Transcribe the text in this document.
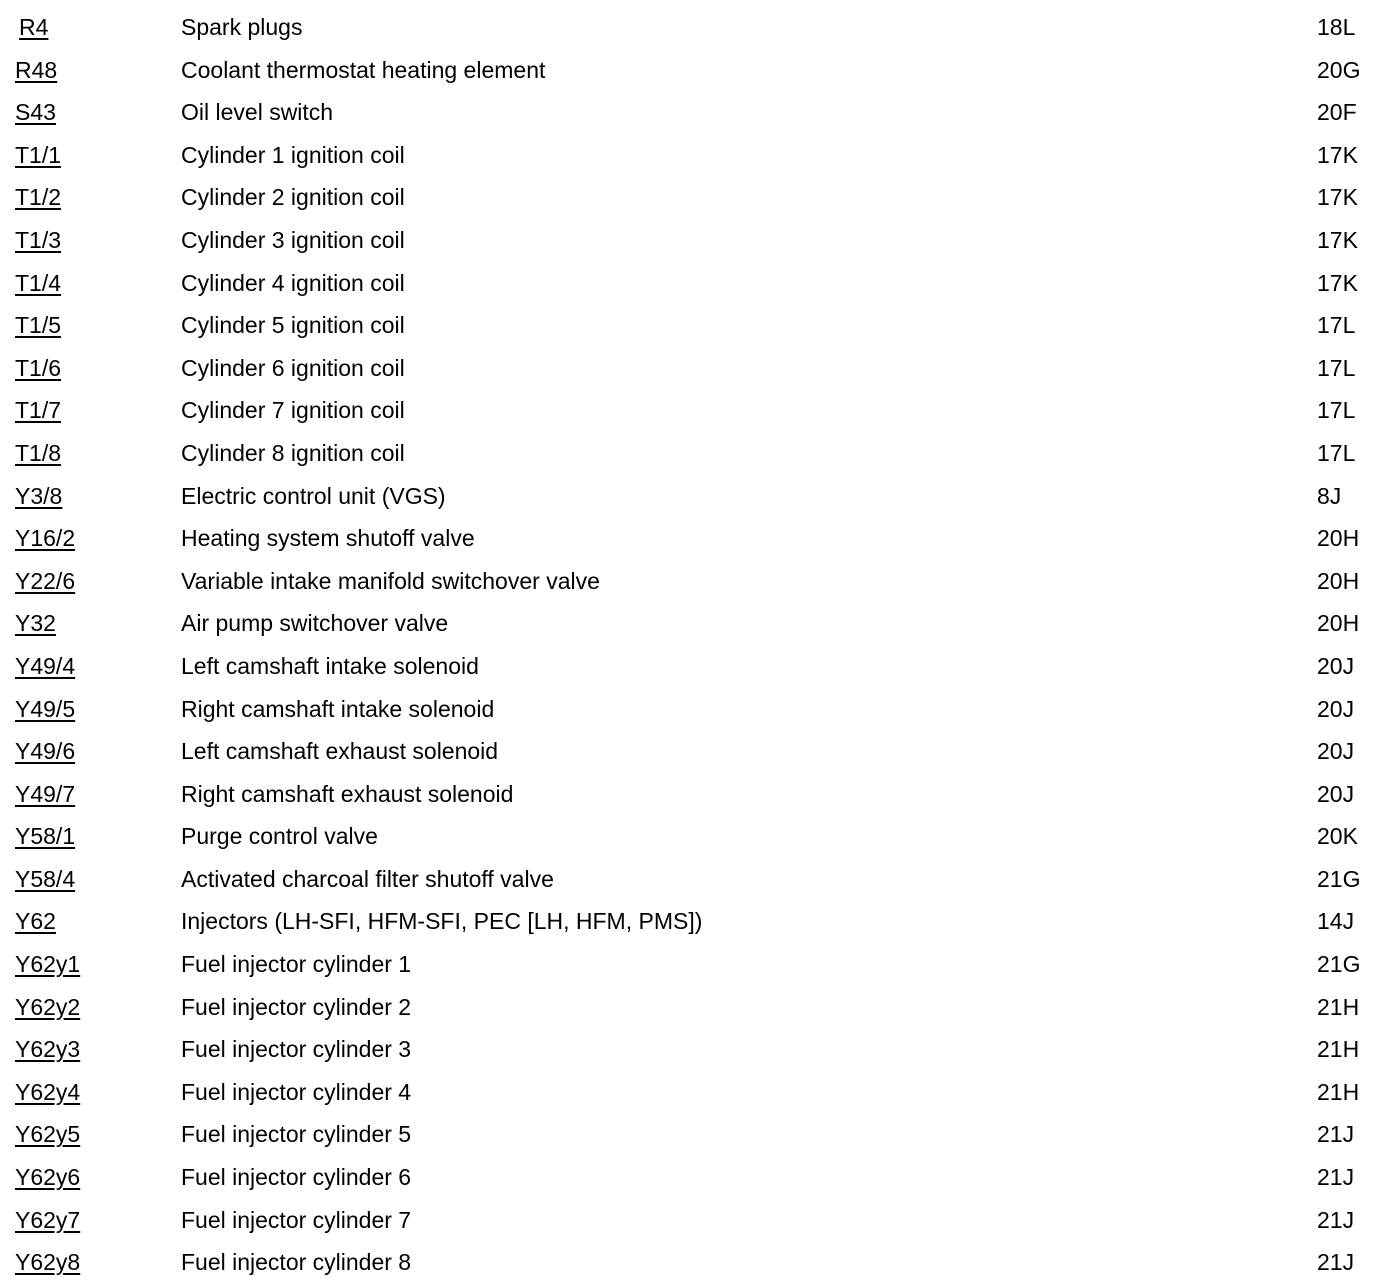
R4	Spark plugs	18L
R48	Coolant thermostat heating element	20G
S43	Oil level switch	20F
T1/1	Cylinder 1 ignition coil	17K
T1/2	Cylinder 2 ignition coil	17K
T1/3	Cylinder 3 ignition coil	17K
T1/4	Cylinder 4 ignition coil	17K
T1/5	Cylinder 5 ignition coil	17L
T1/6	Cylinder 6 ignition coil	17L
T1/7	Cylinder 7 ignition coil	17L
T1/8	Cylinder 8 ignition coil	17L
Y3/8	Electric control unit (VGS)	8J
Y16/2	Heating system shutoff valve	20H
Y22/6	Variable intake manifold switchover valve	20H
Y32	Air pump switchover valve	20H
Y49/4	Left camshaft intake solenoid	20J
Y49/5	Right camshaft intake solenoid	20J
Y49/6	Left camshaft exhaust solenoid	20J
Y49/7	Right camshaft exhaust solenoid	20J
Y58/1	Purge control valve	20K
Y58/4	Activated charcoal filter shutoff valve	21G
Y62	Injectors (LH-SFI, HFM-SFI, PEC [LH, HFM, PMS])	14J
Y62y1	Fuel injector cylinder 1	21G
Y62y2	Fuel injector cylinder 2	21H
Y62y3	Fuel injector cylinder 3	21H
Y62y4	Fuel injector cylinder 4	21H
Y62y5	Fuel injector cylinder 5	21J
Y62y6	Fuel injector cylinder 6	21J
Y62y7	Fuel injector cylinder 7	21J
Y62y8	Fuel injector cylinder 8	21J
